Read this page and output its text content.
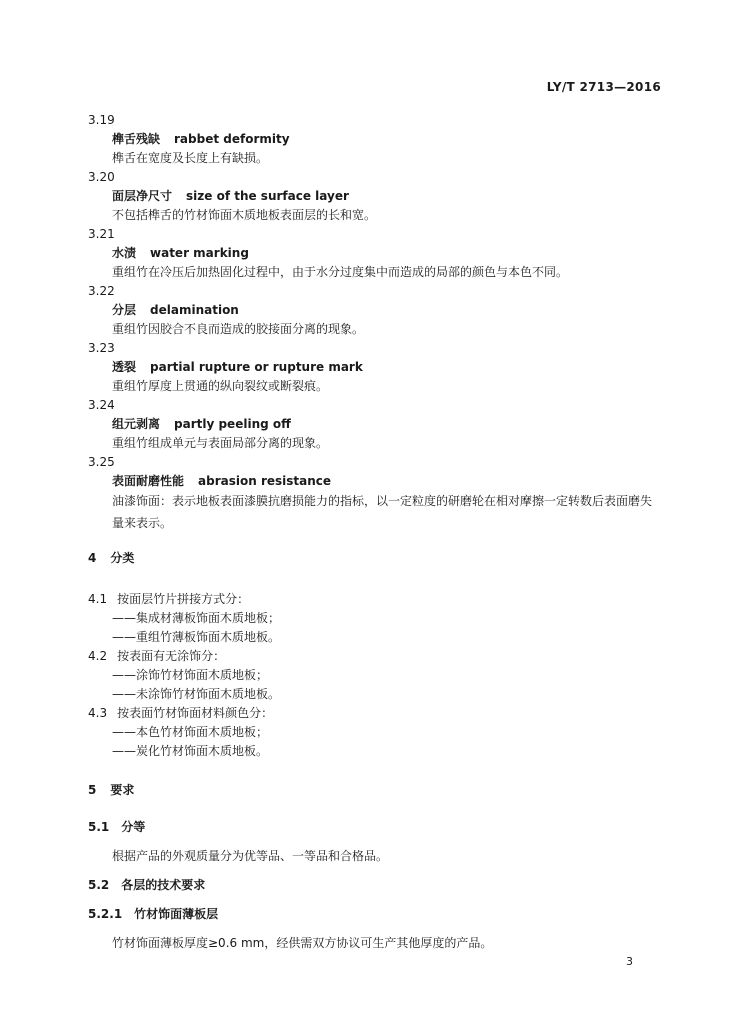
LY/T 2713—2016
3.19
榫舌残缺 rabbet deformity
榫舌在宽度及长度上有缺损。
3.20
面层净尺寸 size of the surface layer
不包括榫舌的竹材饰面木质地板表面层的长和宽。
3.21
水渍 water marking
重组竹在冷压后加热固化过程中，由于水分过度集中而造成的局部的颜色与本色不同。
3.22
分层 delamination
重组竹因胶合不良而造成的胶接面分离的现象。
3.23
透裂 partial rupture or rupture mark
重组竹厚度上贯通的纵向裂纹或断裂痕。
3.24
组元剥离 partly peeling off
重组竹组成单元与表面局部分离的现象。
3.25
表面耐磨性能 abrasion resistance
油漆饰面：表示地板表面漆膜抗磨损能力的指标，以一定粒度的研磨轮在相对摩擦一定转数后表面磨失量来表示。
4 分类
4.1 按面层竹片拼接方式分：
——集成材薄板饰面木质地板；
——重组竹薄板饰面木质地板。
4.2 按表面有无涂饰分：
——涂饰竹材饰面木质地板；
——未涂饰竹材饰面木质地板。
4.3 按表面竹材饰面材料颜色分：
——本色竹材饰面木质地板；
——炭化竹材饰面木质地板。
5 要求
5.1 分等
根据产品的外观质量分为优等品、一等品和合格品。
5.2 各层的技术要求
5.2.1 竹材饰面薄板层
竹材饰面薄板厚度≥0.6 mm，经供需双方协议可生产其他厚度的产品。
3
